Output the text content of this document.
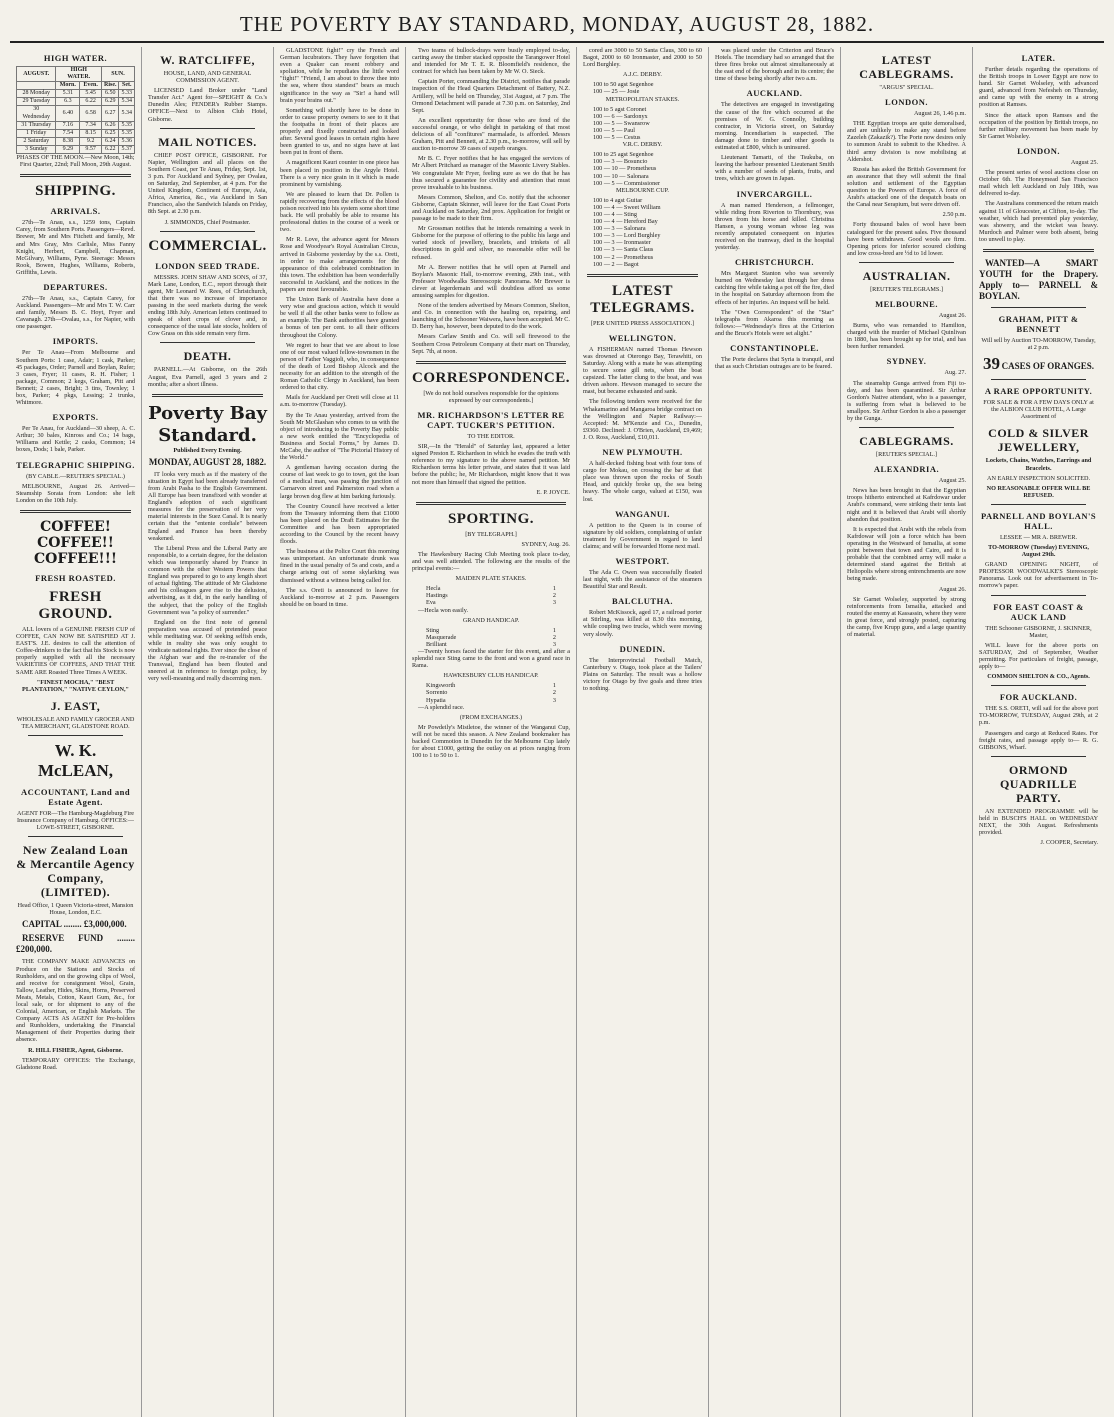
THE POVERTY BAY STANDARD, MONDAY, AUGUST 28, 1882.
HIGH WATER.
AUGUST.	HIGH WATER.		SUN.	
	Morn.	Even.	Rise.	Set.
28 Monday	5.31	5.45	6.50	5.33
29 Tuesday	6.3	6.22	6.29	5.34
30 Wednesday	6.40	6.58	6.27	5.34
31 Thursday	7.16	7.34	6.26	5.35
1 Friday	7.54	8.15	6.25	5.35
2 Saturday	8.38	9.2	6.24	5.36
3 Sunday	9.29	9.57	6.22	5.37

PHASES OF THE MOON.—New Moon, 14th; First Quarter, 22nd; Full Moon, 29th August.

SHIPPING.
ARRIVALS.

27th—Te Anau, s.s., 1259 tons, Captain Carey, from Southern Ports. Passengers—Revd. Brewer, Mr and Mrs Fitchett and family, Mr and Mrs Gray, Mrs Carlisle, Miss Fanny Knight, Herbert, Campbell, Chapman, McGilvary, Williams, Pyne. Steerage: Messrs Rook, Bowen, Hughes, Williams, Roberts, Griffiths, Lewis.

DEPARTURES.

27th—Te Anau, s.s., Captain Carey, for Auckland. Passengers—Mr and Mrs T. W. Carr and family, Messrs B. C. Hoyt, Fryer and Cavanagh. 27th—Ovalau, s.s., for Napier, with one passenger.

IMPORTS.

Per Te Anau—From Melbourne and Southern Ports: 1 case, Adair; 1 cask, Parker; 45 packages, Order; Parnell and Boylan, Rufer; 3 cases, Fryer; 11 cases, R. H. Fisher; 1 package, Common; 2 kegs, Graham, Pitt and Bennett; 2 cases, Bright; 3 tins, Townley; 1 box, Parker; 4 pkgs, Lessing; 2 trunks, Whitmore.

EXPORTS.

Per Te Anau, for Auckland—30 sheep, A. C. Arthur; 30 bales, Kinross and Co.; 14 bags, Williams and Kettle; 2 casks, Common; 14 boxes, Dods; 1 bale, Parker.

TELEGRAPHIC SHIPPING.

(BY CABLE.—REUTER'S SPECIAL.)

MELBOURNE, August 26. Arrived—Steamship Sorata from London: she left London on the 10th July.

COFFEE! COFFEE!! COFFEE!!!
FRESH ROASTED.
FRESH GROUND.

ALL lovers of a GENUINE FRESH CUP of COFFEE, CAN NOW BE SATISFIED AT J. EAST'S. J.E. desires to call the attention of Coffee-drinkers to the fact that his Stock is now properly supplied with all the necessary VARIETIES OF COFFEES, AND THAT THE SAME ARE Roasted Three Times A WEEK.

"FINEST MOCHA," "BEST PLANTATION," "NATIVE CEYLON,"

J. EAST,

WHOLESALE AND FAMILY GROCER AND TEA MERCHANT, GLADSTONE ROAD.

W. K. McLEAN,
ACCOUNTANT, Land and Estate Agent.

AGENT FOR—The Hamburg-Magdeburg Fire Insurance Company of Hamburg. OFFICES:—LOWE-STREET, GISBORNE.

New Zealand Loan & Mercantile Agency Company, (LIMITED).

Head Office, 1 Queen Victoria-street, Mansion House, London, E.C.

CAPITAL ........ £3,000,000.

RESERVE FUND ........ £200,000.

THE COMPANY MAKE ADVANCES on Produce on the Stations and Stocks of Runholders, and on the growing clips of Wool, and receive for consignment Wool, Grain, Tallow, Leather, Hides, Skins, Horns, Preserved Meats, Metals, Cotton, Kauri Gum, &c., for local sale, or for shipment to any of the Colonial, American, or English Markets. The Company ACTS AS AGENT for Pre-holders and Runholders, undertaking the Financial Management of their Properties during their absence.

R. HILL FISHER, Agent, Gisborne.

TEMPORARY OFFICES: The Exchange, Gladstone Road.

W. RATCLIFFE,

HOUSE, LAND, AND GENERAL COMMISSION AGENT.

LICENSED Land Broker under "Land Transfer Act." Agent for—SPEIGHT & Co.'s Dunedin Ales; FENDER's Rubber Stamps. OFFICE—Next to Albion Club Hotel, Gisborne.

MAIL NOTICES.

CHIEF POST OFFICE, GISBORNE. For Napier, Wellington and all places on the Southern Coast, per Te Anau, Friday, Sept. 1st, 3 p.m. For Auckland and Sydney, per Ovalau, on Saturday, 2nd September, at 4 p.m. For the United Kingdom, Continent of Europe, Asia, Africa, America, &c., via Auckland in San Francisco, also the Sandwich Islands on Friday, 8th Sept. at 2.30 p.m.

J. SIMMONDS, Chief Postmaster.

COMMERCIAL.
LONDON SEED TRADE.

MESSRS. JOHN SHAW AND SONS, of 37, Mark Lane, London, E.C., report through their agent, Mr Leonard W. Rees, of Christchurch, that there was no increase of importance passing in the seed markets during the week ending 18th July. American letters continued to speak of short crops of clover and, in consequence of the usual late stocks, holders of Cow Grass on this side remain very firm.

DEATH.

PARNELL.—At Gisborne, on the 26th August, Eva Parnell, aged 3 years and 2 months; after a short illness.

Poverty Bay Standard.

Published Every Evening.

MONDAY, AUGUST 28, 1882.

IT looks very much as if the mastery of the situation in Egypt had been already transferred from Arabi Pasha to the English Government. All Europe has been transfixed with wonder at England's adoption of such significant measures for the preservation of her very material interests in the Suez Canal. It is nearly certain that the "entente cordiale" between England and France has been thereby weakened.

The Liberal Press and the Liberal Party are responsible, to a certain degree, for the delusion which was temporarily shared by France in common with the other Western Powers that England was prepared to go to any length short of actual fighting. The attitude of Mr Gladstone and his colleagues gave rise to the delusion, advertising, as it did, in the early handling of the subject, that the policy of the English Government was "a policy of surrender."

England on the first note of general preparation was accused of pretended peace while meditating war. Of seeking selfish ends, while in reality she was only sought to vindicate national rights. Ever since the close of the Afghan war and the re-transfer of the Transvaal, England has been flouted and sneered at in reference to foreign policy, by very well-meaning and really discerning men.

GLADSTONE fight!" cry the French and German lucubrators. They have forgotten that even a Quaker can resent robbery and spoliation, while he repudiates the little word "fight!" "Friend, I am about to throw thee into the sea, where thou standest" bears as much significance in the way as "Sir! a hand will brain your brains out."

Something will shortly have to be done in order to cause property owners to see to it that the footpaths in front of their places are properly and fixedly constructed and looked after. Several good leases in certain rights have been granted to us, and no signs have at last been put in front of them.

A magnificent Kauri counter in one piece has been placed in position in the Argyle Hotel. There is a very nice grain in it which is made prominent by varnishing.

We are pleased to learn that Dr. Pollen is rapidly recovering from the effects of the blood poison received into his system some short time back. He will probably be able to resume his professional duties in the course of a week or two.

Mr R. Love, the advance agent for Messrs Rose and Woodyear's Royal Australian Circus, arrived in Gisborne yesterday by the s.s. Oreti, in order to make arrangements for the appearance of this celebrated combination in this town. The exhibition has been wonderfully successful in Auckland, and the notices in the papers are most favourable.

The Union Bank of Australia have done a very wise and gracious action, which it would be well if all the other banks were to follow as an example. The Bank authorities have granted a bonus of ten per cent. to all their officers throughout the Colony.

We regret to hear that we are about to lose one of our most valued fellow-townsmen in the person of Father Vaggioli, who, in consequence of the death of Lord Bishop Alcock and the necessity for an addition to the strength of the Roman Catholic Clergy in Auckland, has been ordered to that city.

Mails for Auckland per Oreti will close at 11 a.m. to-morrow (Tuesday).

By the Te Anau yesterday, arrived from the South Mr McGlashan who comes to us with the object of introducing to the Poverty Bay public a new work entitled the "Encyclopedia of Business and Social Forms," by James D. McCabe, the author of "The Pictorial History of the World."

A gentleman having occasion during the course of last week to go to town, got the loan of a medical man, was passing the junction of Carnarvon street and Palmerston road when a large brown dog flew at him barking furiously.

The Country Council have received a letter from the Treasury informing them that £1000 has been placed on the Draft Estimates for the Committee and has been appropriated according to the Council by the recent heavy floods.

The business at the Police Court this morning was unimportant. An unfortunate drunk was fined in the usual penalty of 5s and costs, and a charge arising out of some skylarking was dismissed without a witness being called for.

The s.s. Oreti is announced to leave for Auckland to-morrow at 2 p.m. Passengers should be on board in time.

Two teams of bullock-drays were busily employed to-day, carting away the timber stacked opposite the Tarangower Hotel and intended for Mr T. E. R. Bloomfield's residence, the contract for which has been taken by Mr W. O. Sieck.

Captain Porter, commanding the District, notifies that parade inspection of the Head Quarters Detachment of Battery, N.Z. Artillery, will be held on Thursday, 31st August, at 7 p.m. The Ormond Detachment will parade at 7.30 p.m. on Saturday, 2nd Sept.

An excellent opportunity for those who are fond of the successful orange, or who delight in partaking of that most delicious of all "confitures" marmalade, is afforded. Messrs Graham, Pitt and Bennett, at 2.30 p.m., to-morrow, will sell by auction to-morrow 39 cases of superb oranges.

Mr B. C. Fryer notifies that he has engaged the services of Mr Albert Pritchard as manager of the Masonic Livery Stables. We congratulate Mr Fryer, feeling sure as we do that he has thus secured a guarantee for civility and attention that must prove invaluable to his business.

Messrs Common, Shelton, and Co. notify that the schooner Gisborne, Captain Skinner, will leave for the East Coast Ports and Auckland on Saturday, 2nd prox. Application for freight or passage to be made to their firm.

Mr Grossman notifies that he intends remaining a week in Gisborne for the purpose of offering to the public his large and varied stock of jewellery, bracelets, and trinkets of all descriptions in gold and silver, no reasonable offer will be refused.

Mr A. Brewer notifies that he will open at Parnell and Boylan's Masonic Hall, to-morrow evening, 29th inst., with Professor Woodwalks Stereoscopic Panorama. Mr Brewer is clever at legerdemain and will doubtless afford us some amusing samples for digestion.

None of the tenders advertised by Messrs Common, Shelton, and Co. in connection with the hauling on, repairing, and launching of the Schooner Waiwera, have been accepted. Mr C. D. Berry has, however, been deputed to do the work.

Messrs Carlaw Smith and Co. will sell firewood to the Southern Cross Petroleum Company at their mart on Thursday, Sept. 7th, at noon.

CORRESPONDENCE.

[We do not hold ourselves responsible for the opinions expressed by our correspondents.]

MR. RICHARDSON'S LETTER RE CAPT. TUCKER'S PETITION.

TO THE EDITOR.

SIR,—In the "Herald" of Saturday last, appeared a letter signed Preston E. Richardson in which he evades the truth with reference to my signature to the above named petition. Mr Richardson terms his letter private, and states that it was laid before the public; he, Mr Richardson, might know that it was not more than himself that signed the petition.

E. P. JOYCE.

SPORTING.

[BY TELEGRAPH.]

SYDNEY, Aug. 26.

The Hawkesbury Racing Club Meeting took place to-day, and was well attended. The following are the results of the principal events:—

MAIDEN PLATE STAKES.

Hecla	1
Hastings	2
Eva	3

—Hecla won easily.

GRAND HANDICAP.

Sting	1
Masquerade	2
Brilliant	3

—Twenty horses faced the starter for this event, and after a splendid race Sting came to the front and won a grand race in Rama.

HAWKESBURY CLUB HANDICAP.

Kingsworth	1
Sorrento	2
Hypatia	3

—A splendid race.

(FROM EXCHANGES.)

Mr Powdeily's Mistletoe, the winner of the Wanganui Cup, will not be raced this season. A New Zealand bookmaker has backed Commotion in Dunedin for the Melbourne Cup lately for about £1000, getting the outlay on at prices ranging from 100 to 1 to 50 to 1.

cored are 3000 to 50 Santa Claus, 300 to 60 Bagot, 2000 to 60 Ironmaster, and 2000 to 50 Lord Burghley.

A.J.C. DERBY.

100 to 50 agst Segenhoe
100 — 25 — Josie

METROPOLITAN STAKES.

100 to 5 agst Coronet
100 — 6 — Sardonyx
100 — 5 — Swansrow
100 — 5 — Paul
100 — 5 — Cestus

V.R.C. DERBY.

100 to 25 agst Segenhoe
100 — 3 — Bosuncio
100 — 10 — Prometheus
100 — 10 — Salonara
100 — 5 — Commissioner

MELBOURNE CUP.

100 to 4 agst Guitar
100 — 4 — Sweet William
100 — 4 — Sting
100 — 4 — Hereford Bay
100 — 3 — Salonara
100 — 3 — Lord Burghley
100 — 3 — Ironmaster
100 — 3 — Santa Claus
100 — 2 — Prometheus
100 — 2 — Bagot
LATEST TELEGRAMS.

[PER UNITED PRESS ASSOCIATION.]

WELLINGTON.

A FISHERMAN named Thomas Hewson was drowned at Oterongo Bay, Terawhiti, on Saturday. Along with a mate he was attempting to secure some gill nets, when the boat capsized. The latter clung to the boat, and was driven ashore. Hewson managed to secure the mast, but became exhausted and sank.

The following tenders were received for the Whakamarino and Mangaroa bridge contract on the Wellington and Napier Railway:—Accepted: M. M'Kenzie and Co., Dunedin, £9360. Declined: J. O'Brien, Auckland, £9,469; J. O. Ross, Auckland, £10,011.

NEW PLYMOUTH.

A half-decked fishing boat with four tons of cargo for Mokau, on crossing the bar at that place was thrown upon the rocks of South Head, and quickly broke up, the sea being heavy. The whole cargo, valued at £150, was lost.

WANGANUI.

A petition to the Queen is in course of signature by old soldiers, complaining of unfair treatment by Government in regard to land claims; and will be forwarded Home next mail.

WESTPORT.

The Ada C. Owen was successfully floated last night, with the assistance of the steamers Beautiful Star and Result.

BALCLUTHA.

Robert McKissock, aged 17, a railroad porter at Stirling, was killed at 8.30 this morning, while coupling two trucks, which were moving very slowly.

DUNEDIN.

The Interprovincial Football Match, Canterbury v. Otago, took place at the Tailers' Plains on Saturday. The result was a hollow victory for Otago by five goals and three tries to nothing.

was placed under the Criterion and Bruce's Hotels. The incendiary had so arranged that the three fires broke out almost simultaneously at the east end of the borough and in its centre; the time of these being shortly after two a.m.

AUCKLAND.

The detectives are engaged in investigating the cause of the fire which occurred at the premises of W. G. Connolly, building contractor, in Victoria street, on Saturday morning. Incendiarism is suspected. The damage done to timber and other goods is estimated at £800, which is uninsured.

Lieutenant Tamarti, of the Tsukuba, on leaving the harbour presented Lieutenant Smith with a number of seeds of plants, fruits, and trees, which are grown in Japan.

INVERCARGILL.

A man named Henderson, a fellmonger, while riding from Riverton to Thornbury, was thrown from his horse and killed. Christina Hansen, a young woman whose leg was recently amputated consequent on injuries received on the tramway, died in the hospital yesterday.

CHRISTCHURCH.

Mrs Margaret Stanton who was severely burned on Wednesday last through her dress catching fire while taking a pot off the fire, died in the hospital on Saturday afternoon from the effects of her injuries. An inquest will be held.

The "Own Correspondent" of the "Star" telegraphs from Akaroa this morning as follows:—"Wednesday's fires at the Criterion and the Bruce's Hotels were set alight."

CONSTANTINOPLE.

The Porte declares that Syria is tranquil, and that as such Christian outrages are to be feared.

LATEST CABLEGRAMS.

"ARGUS" SPECIAL.

LONDON.

August 26, 1.46 p.m.

THE Egyptian troops are quite demoralised, and are unlikely to make any stand before Zazeleh (Zakazik?). The Porte now desires only to summon Arabi to submit to the Khedive. A third army division is now mobilising at Aldershot.

Russia has asked the British Government for an assurance that they will submit the final solution and settlement of the Egyptian question to the Powers of Europe. A force of Arabi's attacked one of the despatch boats on the Canal near Serapium, but were driven off.

2.50 p.m.

Forty thousand bales of wool have been catalogued for the present sales. Five thousand have been withdrawn. Good wools are firm. Opening prices for inferior scoured clothing and low cross-bred are ½d to 1d lower.

AUSTRALIAN.

[REUTER'S TELEGRAMS.]

MELBOURNE.

August 26.

Burns, who was remanded to Hamilton, charged with the murder of Michael Quinlivan in 1880, has been brought up for trial, and has been further remanded.

SYDNEY.

Aug. 27.

The steamship Gunga arrived from Fiji to-day, and has been quarantined. Sir Arthur Gordon's Native attendant, who is a passenger, is suffering from what is believed to be smallpox. Sir Arthur Gordon is also a passenger by the Gunga.

CABLEGRAMS.

[REUTER'S SPECIAL.]

ALEXANDRIA.

August 25.

News has been brought in that the Egyptian troops hitherto entrenched at Kafrdowar under Arabi's command, were striking their tents last night and it is believed that Arabi will shortly abandon that position.

It is expected that Arabi with the rebels from Kafrdowar will join a force which has been operating in the Westward of Ismailia, at some point between that town and Cairo, and it is probable that the combined army will make a determined stand against the British at Heliopolis where strong entrenchments are now being made.

August 26.

Sir Garnet Wolseley, supported by strong reinforcements from Ismailia, attacked and routed the enemy at Kassassin, where they were in great force, and strongly posted, capturing the camp, five Krupp guns, and a large quantity of material.

LATER.

Further details regarding the operations of the British troops in Lower Egypt are now to hand. Sir Garnet Wolseley, with advanced guard, advanced from Nefesheh on Thursday, and came up with the enemy in a strong position at Ramses.

Since the attack upon Ramses and the occupation of the position by British troops, no further military movement has been made by Sir Garnet Wolseley.

LONDON.

August 25.

The present series of wool auctions close on October 6th. The Honeymead San Francisco mail which left Auckland on July 18th, was delivered to-day.

The Australians commenced the return match against 11 of Gloucester, at Clifton, to-day. The weather, which had prevented play yesterday, was showery, and the wicket was heavy. Murdoch and Palmer were both absent, being too unwell to play.

WANTED—A SMART YOUTH for the Drapery. Apply to— PARNELL & BOYLAN.

GRAHAM, PITT & BENNETT

Will sell by Auction TO-MORROW, Tuesday, at 2 p.m.

39 CASES OF ORANGES.

A RARE OPPORTUNITY.

FOR SALE & FOR A FEW DAYS ONLY at the ALBION CLUB HOTEL, A Large Assortment of

COLD & SILVER JEWELLERY,

Lockets, Chains, Watches, Earrings and Bracelets.

AN EARLY INSPECTION SOLICITED.

NO REASONABLE OFFER WILL BE REFUSED.

PARNELL AND BOYLAN'S HALL.

LESSEE — MR A. BREWER.

TO-MORROW (Tuesday) EVENING, August 29th.

GRAND OPENING NIGHT, of PROFESSOR WOODWALKE'S Stereoscopic Panorama. Look out for advertisement in To-morrow's paper.

FOR EAST COAST & AUCK LAND

THE Schooner GISBORNE, J. SKINNER, Master,

WILL leave for the above ports on SATURDAY, 2nd of September, Weather permitting. For particulars of freight, passage, apply to—

COMMON SHELTON & CO., Agents.

FOR AUCKLAND.

THE S.S. ORETI, will sail for the above port TO-MORROW, TUESDAY, August 29th, at 2 p.m.

Passengers and cargo at Reduced Rates. For freight rates, and passage apply to— R. G. GIBBONS, Wharf.

ORMOND QUADRILLE PARTY.

AN EXTENDED PROGRAMME will be held in BUSCH'S HALL on WEDNESDAY NEXT, the 30th August. Refreshments provided.

J. COOPER, Secretary.
